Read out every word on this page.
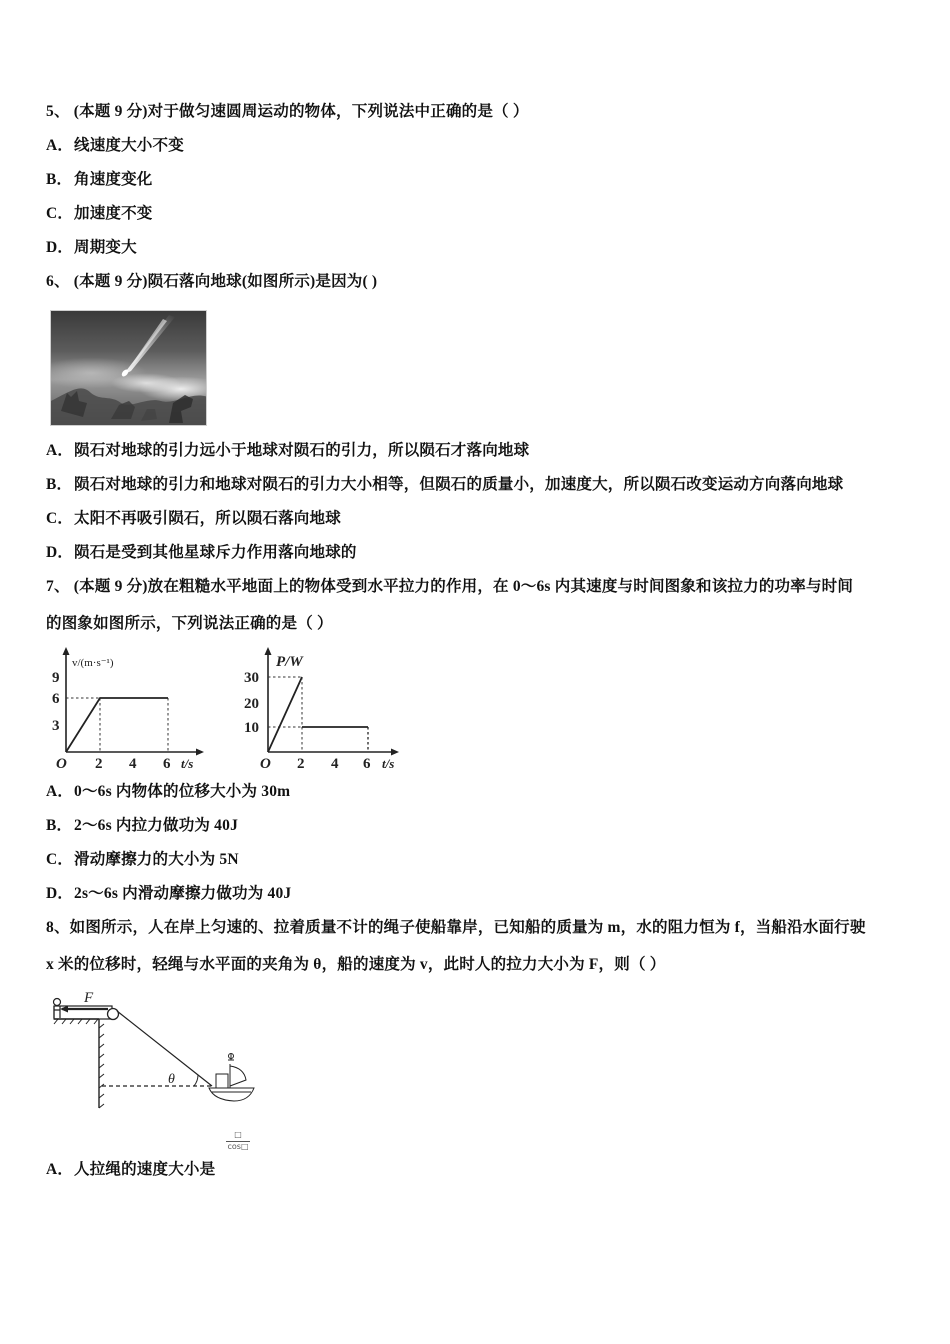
5、 (本题 9 分)对于做匀速圆周运动的物体，下列说法中正确的是（ ）
A．线速度大小不变
B． 角速度变化
C．加速度不变
D．周期变大
6、 (本题 9 分)陨石落向地球(如图所示)是因为( )
A．陨石对地球的引力远小于地球对陨石的引力，所以陨石才落向地球
B． 陨石对地球的引力和地球对陨石的引力大小相等，但陨石的质量小，加速度大，所以陨石改变运动方向落向地球
C．太阳不再吸引陨石，所以陨石落向地球
D．陨石是受到其他星球斥力作用落向地球的
7、 (本题 9 分)放在粗糙水平地面上的物体受到水平拉力的作用，在 0～6s 内其速度与时间图象和该拉力的功率与时间
的图象如图所示，下列说法正确的是（ ）
9
6
3
O 2 4 6 t/s
v/(m·s⁻¹)
30
20
10
O 2 4 6 t/s
P/W
A．0～6s 内物体的位移大小为 30m
B． 2～6s 内拉力做功为 40J
C．滑动摩擦力的大小为 5N
D．2s～6s 内滑动摩擦力做功为 40J
8、如图所示，人在岸上匀速的、拉着质量不计的绳子使船靠岸，已知船的质量为 m，水的阻力恒为 f，当船沿水面行驶
x 米的位移时，轻绳与水平面的夹角为 θ，船的速度为 v，此时人的拉力大小为 F，则（ ）
F
θ
□
cos□
A．人拉绳的速度大小是
